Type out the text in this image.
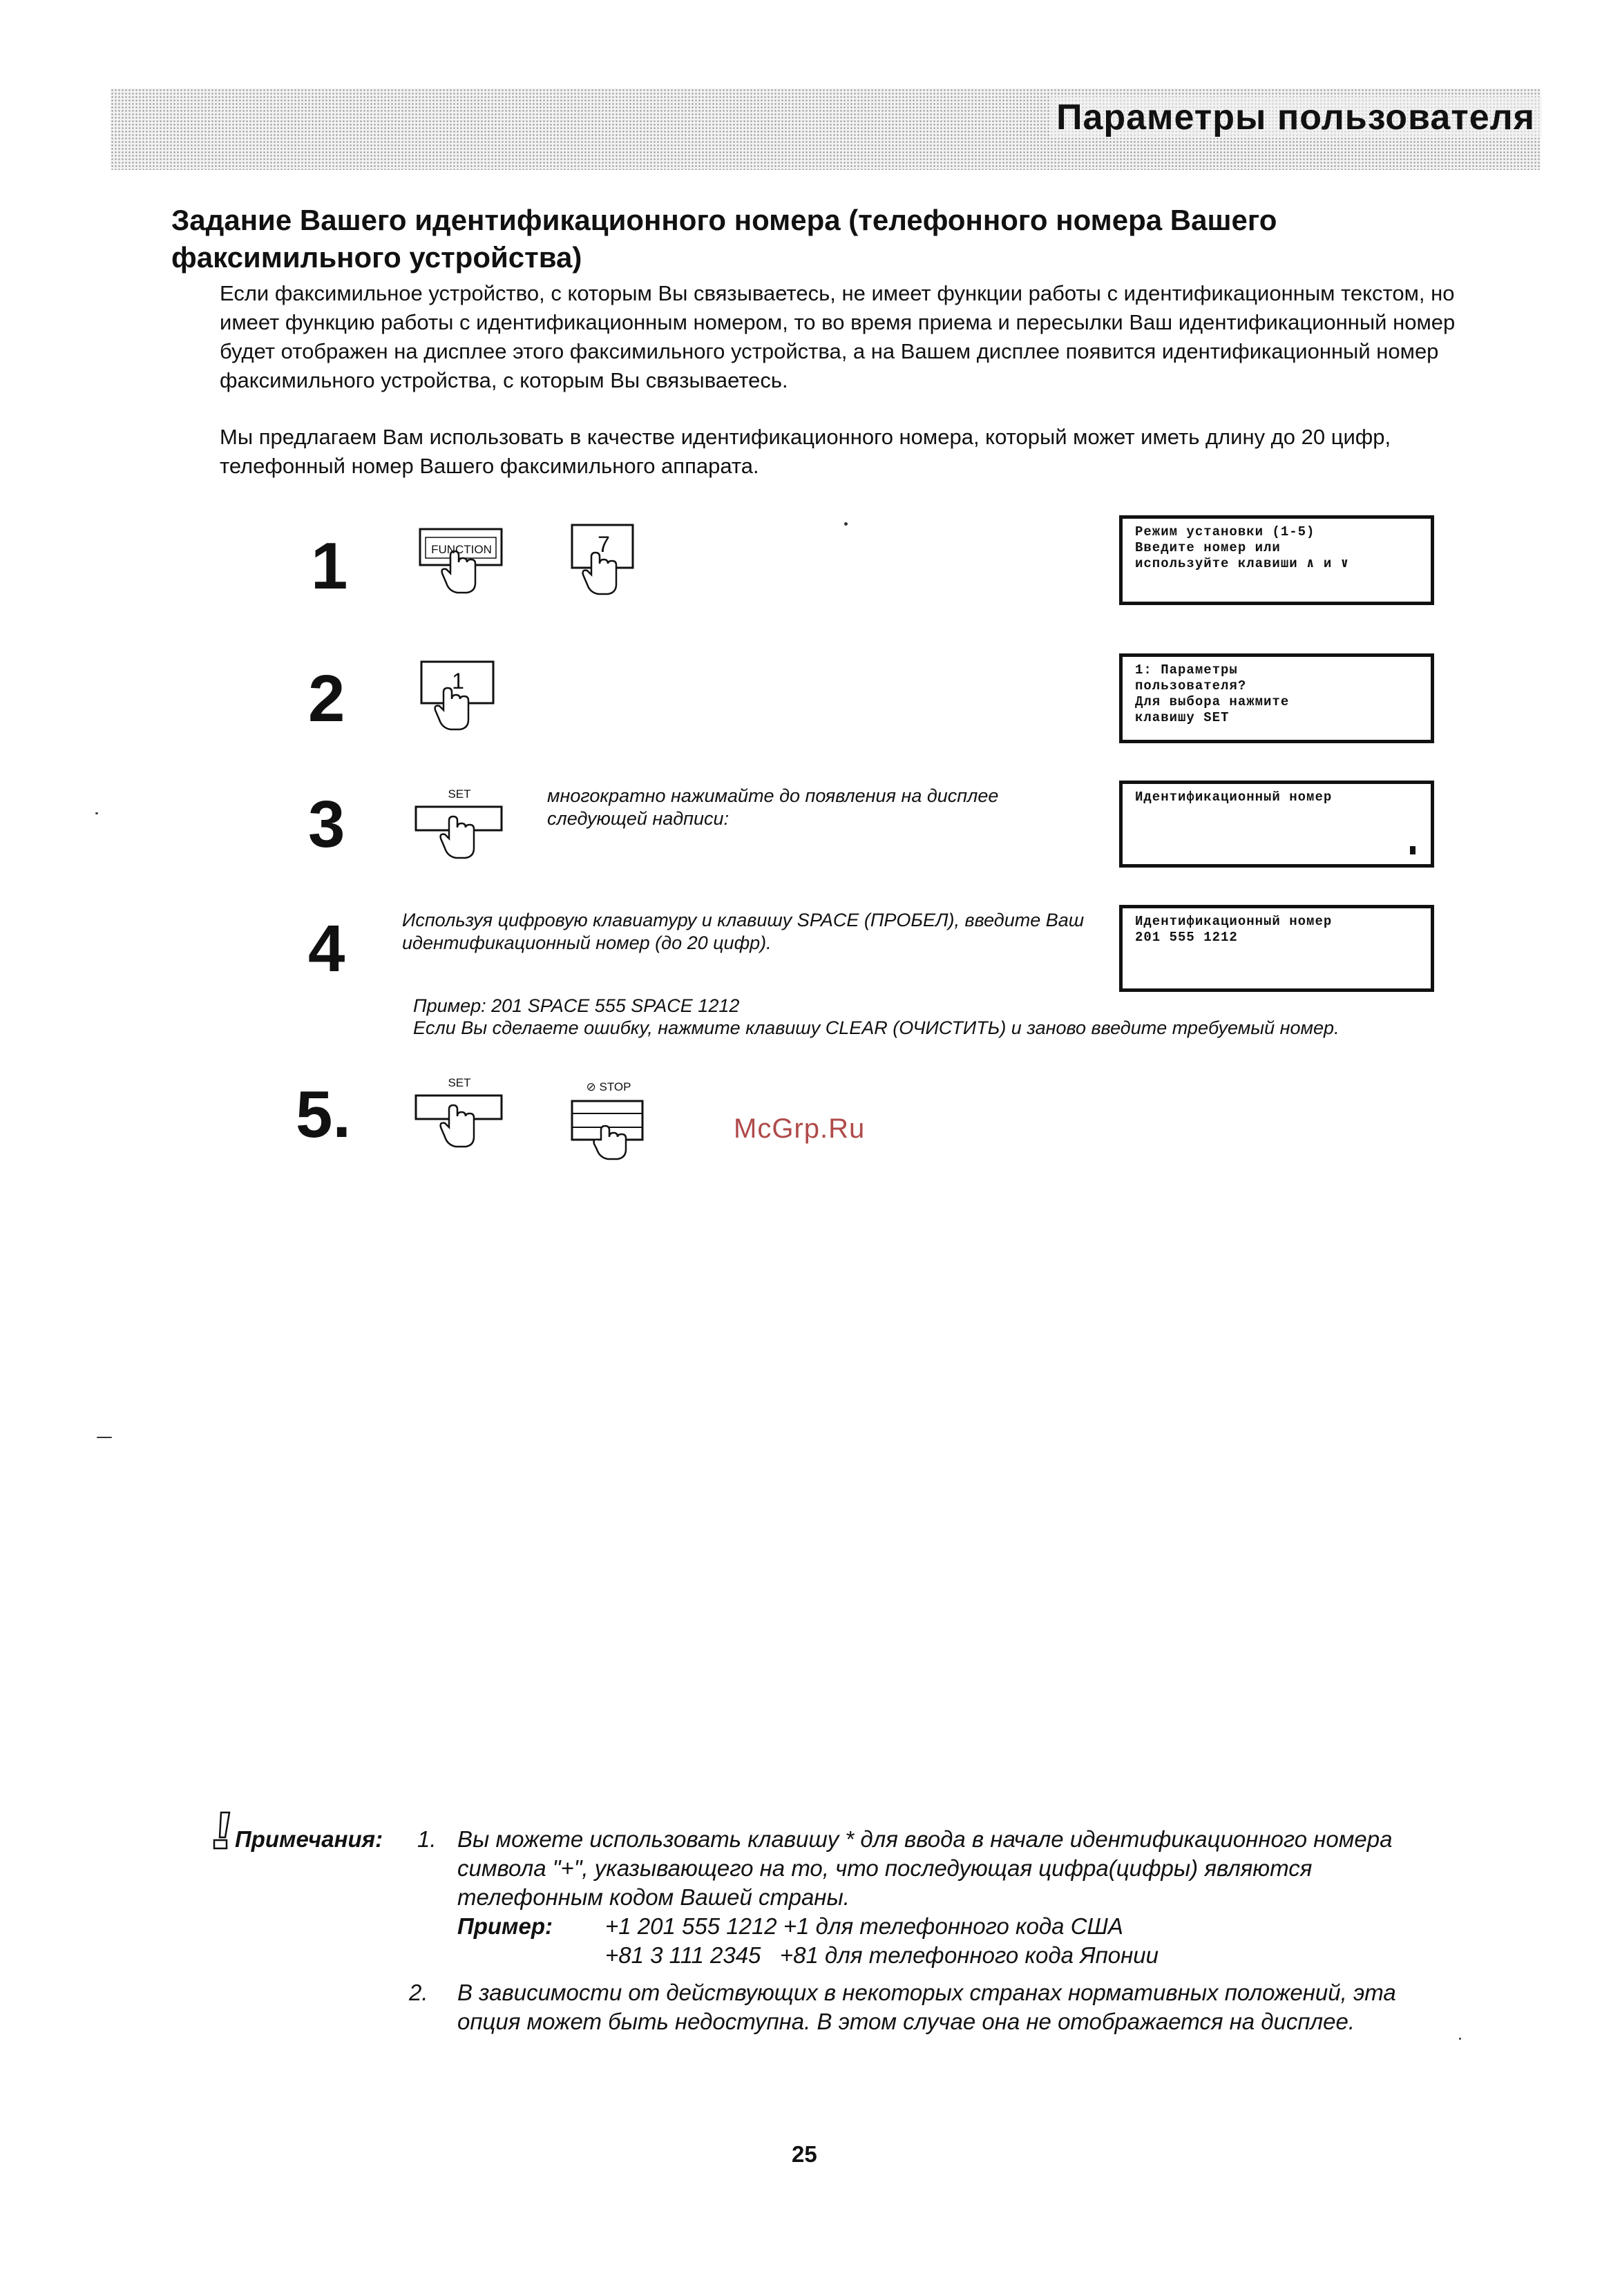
Параметры пользователя
Задание Вашего идентификационного номера (телефонного номера Вашего факсимильного устройства)
Если факсимильное устройство, с которым Вы связываетесь, не имеет функции работы с идентификационным текстом, но имеет функцию работы с идентификационным номером, то во время приема и пересылки Ваш идентификационный номер будет отображен на дисплее этого факсимильного устройства, а на Вашем дисплее появится идентификационный номер факсимильного устройства, с которым Вы связываетесь.
Мы предлагаем Вам использовать в качестве идентификационного номера, который может иметь длину до 20 цифр, телефонный номер Вашего факсимильного аппарата.
1	FUNCTION	7	Режим установки (1-5)
Введите номер или
используйте клавиши ∧ и ∨
2	1	1: Параметры
пользователя?
Для выбора нажмите
клавишу SET
3	SET	многократно нажимайте до появления на дисплее следующей надписи:
Идентификационный номер
4	Используя цифровую клавиатуру и клавишу SPACE (ПРОБЕЛ), введите Ваш идентификационный номер (до 20 цифр).
Идентификационный номер
201 555 1212
Пример: 201 SPACE 555 SPACE 1212
Если Вы сделаете ошибку, нажмите клавишу CLEAR (ОЧИСТИТЬ) и заново введите требуемый номер.
5.	SET	⊘ STOP
McGrp.Ru
Примечания: 1. Вы можете использовать клавишу * для ввода в начале идентификационного номера
символа "+", указывающего на то, что последующая цифра(цифры) являются
телефонным кодом Вашей страны.
Пример: +1 201 555 1212 +1 для телефонного кода США
+81 3 111 2345   +81 для телефонного кода Японии
2. В зависимости от действующих в некоторых странах нормативных положений, эта
опция может быть недоступна. В этом случае она не отображается на дисплее.
25
